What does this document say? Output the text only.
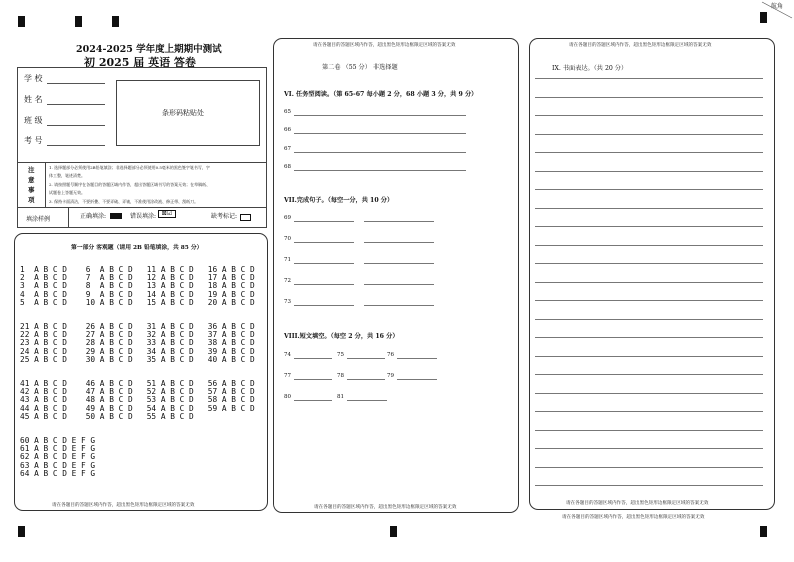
航角
2024-2025 学年度上期期中测试
初 2025 届 英语 答卷
学 校
姓 名
班 级
考 号
条形码粘贴处
注
意
事
项
1. 选择题部分必须使用2B铅笔填涂；非选择题部分必须使用0.5毫米的黑色签字笔书写，字
体工整，笔迹清楚。
2. 请按照题号顺序在各题目的答题区域内作答，超出答题区域书写的答案无效；在草稿纸、
试题卷上答题无效。
3. 保持卡面清洁，不要折叠、不要弄破、弄皱，不准使用涂改液、修正带、刮纸刀。
填涂样例	正确填涂:	错误填涂: ⊠☑	缺考标记:
第一部分 客观题（请用 2B 铅笔填涂，共 85 分）
1  A B C D    6  A B C D   11 A B C D   16 A B C D
2  A B C D    7  A B C D   12 A B C D   17 A B C D
3  A B C D    8  A B C D   13 A B C D   18 A B C D
4  A B C D    9  A B C D   14 A B C D   19 A B C D
5  A B C D    10 A B C D   15 A B C D   20 A B C D
21 A B C D    26 A B C D   31 A B C D   36 A B C D
22 A B C D    27 A B C D   32 A B C D   37 A B C D
23 A B C D    28 A B C D   33 A B C D   38 A B C D
24 A B C D    29 A B C D   34 A B C D   39 A B C D
25 A B C D    30 A B C D   35 A B C D   40 A B C D
41 A B C D    46 A B C D   51 A B C D   56 A B C D
42 A B C D    47 A B C D   52 A B C D   57 A B C D
43 A B C D    48 A B C D   53 A B C D   58 A B C D
44 A B C D    49 A B C D   54 A B C D   59 A B C D
45 A B C D    50 A B C D   55 A B C D
60 A B C D E F G
61 A B C D E F G
62 A B C D E F G
63 A B C D E F G
64 A B C D E F G
请在各题目的答题区域内作答，超出黑色矩形边框限定区域的答案无效
请在各题目的答题区域内作答，超出黑色矩形边框限定区域的答案无效
请在各题目的答题区域内作答，超出黑色矩形边框限定区域的答案无效
第二卷 （55 分） 非选择题
VI. 任务型阅读。（第 65-67 每小题 2 分，68 小题 3 分，共 9 分）
65
66
67
68
VII.完成句子。（每空一分，共 10 分）
69
70
71
72
73
VIII.短文填空。（每空 2 分，共 16 分）
74	75	76
77	78	79
80	81
请在各题目的答题区域内作答，超出黑色矩形边框限定区域的答案无效
请在各题目的答题区域内作答，超出黑色矩形边框限定区域的答案无效
请在各题目的答题区域内作答，超出黑色矩形边框限定区域的答案无效
IX. 书面表达。（共 20 分）
